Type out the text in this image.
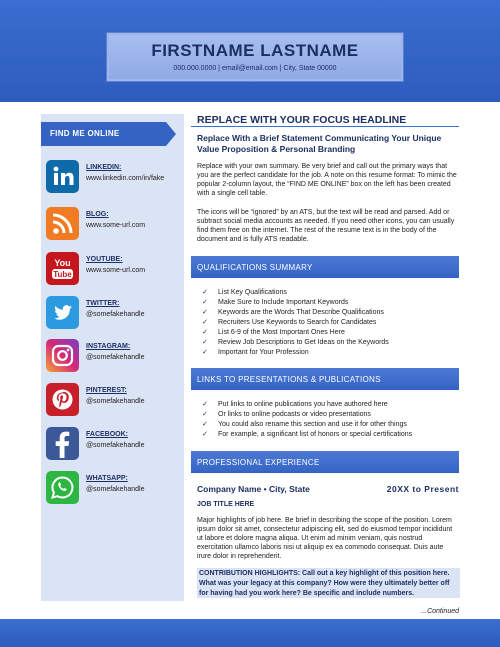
FIRSTNAME LASTNAME
000.000.0000 | email@email.com | City, State 00000
FIND ME ONLINE
LINKEDIN:
www.linkedin.com/in/fake
BLOG:
www.some-url.com
You
Tube
YOUTUBE:
www.some-url.com
TWITTER:
@somefakehandle
INSTAGRAM:
@somefakehandle
PINTEREST:
@somefakehandle
FACEBOOK:
@somefakehandle
WHATSAPP:
@somefakehandle
REPLACE WITH YOUR FOCUS HEADLINE
Replace With a Brief Statement Communicating Your Unique Value Proposition & Personal Branding
Replace with your own summary. Be very brief and call out the primary ways that you are the perfect candidate for the job. A note on this resume format: To mimic the popular 2-column layout, the “FIND ME ONLINE” box on the left has been created with a single cell table.
The icons will be “ignored” by an ATS, but the text will be read and parsed. Add or subtract social media accounts as needed. If you need other icons, you can usually find them free on the internet. The rest of the resume text is in the body of the document and is fully ATS readable.
QUALIFICATIONS SUMMARY
✓ List Key Qualifications
✓ Make Sure to Include Important Keywords
✓ Keywords are the Words That Describe Qualifications
✓ Recruiters Use Keywords to Search for Candidates
✓ List 6-9 of the Most Important Ones Here
✓ Review Job Descriptions to Get Ideas on the Keywords
✓ Important for Your Profession
LINKS TO PRESENTATIONS & PUBLICATIONS
✓ Put links to online publications you have authored here
✓ Or links to online podcasts or video presentations
✓ You could also rename this section and use it for other things
✓ For example, a significant list of honors or special certifications
PROFESSIONAL EXPERIENCE
Company Name • City, State	20XX to Present
JOB TITLE HERE
Major highlights of job here. Be brief in describing the scope of the position. Lorem ipsum dolor sit amet, consectetur adipiscing elit, sed do eiusmod tempor incididunt ut labore et dolore magna aliqua. Ut enim ad minim veniam, quis nostrud exercitation ullamco laboris nisi ut aliquip ex ea commodo consequat. Duis aute irure dolor in reprehenderit.
CONTRIBUTION HIGHLIGHTS: Call out a key highlight of this position here. What was your legacy at this company? How were they ultimately better off for having had you work here? Be specific and include numbers.
...Continued
